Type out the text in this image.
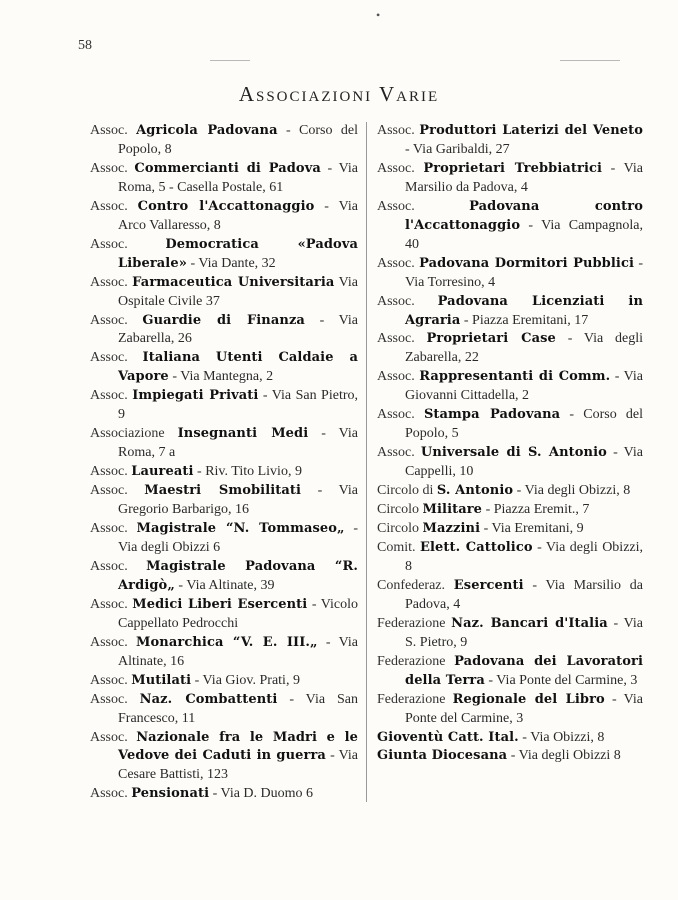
•
58
Associazioni Varie

Assoc. Agricola Padovana - Corso del Popolo, 8

Assoc. Commercianti di Padova - Via Roma, 5 - Casella Postale, 61

Assoc. Contro l'Accattonaggio - Via Arco Vallaresso, 8

Assoc.	Democratica «Padova Liberale» - Via Dante, 32

Assoc. Farmaceutica Universitaria Via Ospitale Civile 37

Assoc. Guardie di Finanza - Via Zabarella, 26

Assoc. Italiana Utenti Caldaie a Vapore - Via Mantegna, 2

Assoc. Impiegati Privati - Via San Pietro, 9

Associazione Insegnanti Medi - Via Roma, 7 a

Assoc. Laureati - Riv. Tito Livio, 9

Assoc. Maestri Smobilitati - Via Gregorio Barbarigo, 16

Assoc. Magistrale “N. Tommaseo„ - Via degli Obizzi 6

Assoc. Magistrale Padovana “R. Ardigò„ - Via Altinate, 39

Assoc. Medici Liberi Esercenti - Vicolo Cappellato Pedrocchi

Assoc. Monarchica “V. E. III.„ - Via Altinate, 16

Assoc. Mutilati - Via Giov. Prati, 9

Assoc. Naz. Combattenti - Via San Francesco, 11

Assoc. Nazionale fra le Madri e le Vedove dei Caduti in guerra - Via Cesare Battisti, 123

Assoc. Pensionati - Via D. Duomo 6

Assoc. Produttori Laterizi del Veneto - Via Garibaldi, 27

Assoc. Proprietari Trebbiatrici - Via Marsilio da Padova, 4

Assoc.	Padovana contro l'Accattonaggio - Via Campagnola, 40

Assoc. Padovana Dormitori Pubblici - Via Torresino, 4

Assoc. Padovana Licenziati in Agraria - Piazza Eremitani, 17

Assoc. Proprietari Case - Via degli Zabarella, 22

Assoc. Rappresentanti di Comm. - Via Giovanni Cittadella, 2

Assoc. Stampa Padovana - Corso del Popolo, 5

Assoc. Universale di S. Antonio - Via Cappelli, 10

Circolo di S. Antonio - Via degli Obizzi, 8

Circolo Militare - Piazza Eremit., 7

Circolo Mazzini - Via Eremitani, 9

Comit. Elett. Cattolico - Via degli Obizzi, 8

Confederaz. Esercenti - Via Marsilio da Padova, 4

Federazione Naz. Bancari d'Italia - Via S. Pietro, 9

Federazione Padovana dei Lavoratori della Terra - Via Ponte del Carmine, 3

Federazione Regionale del Libro - Via Ponte del Carmine, 3

Gioventù Catt. Ital. - Via Obizzi, 8

Giunta Diocesana - Via degli Obizzi 8
